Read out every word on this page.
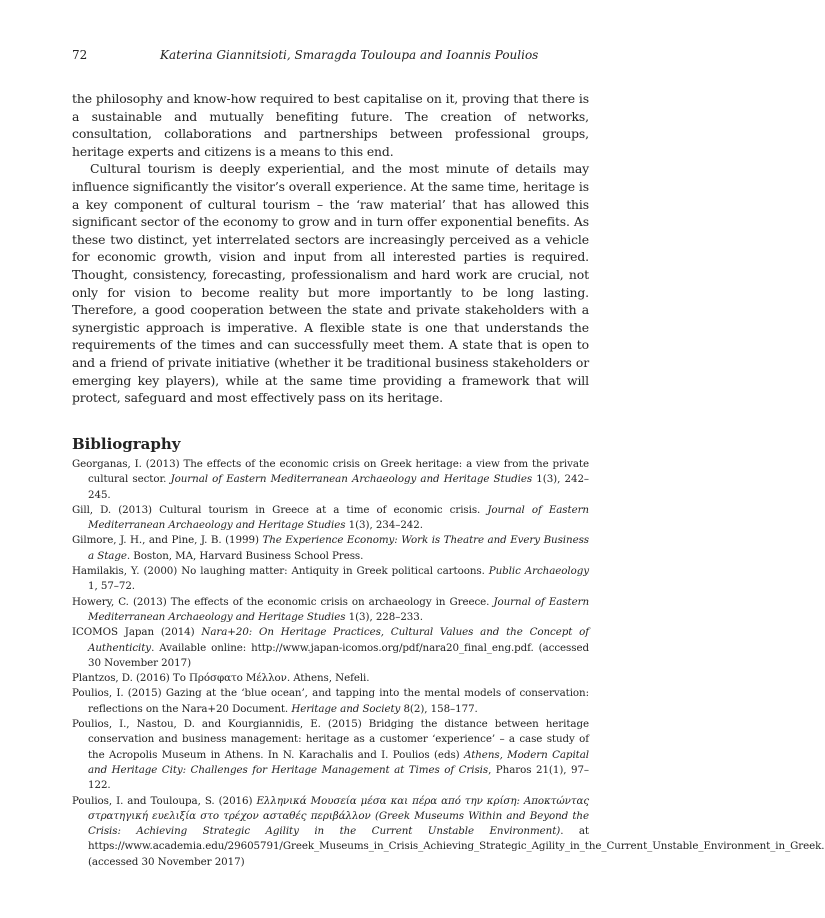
72	Katerina Giannitsioti, Smaragda Touloupa and Ioannis Poulios

the philosophy and know-how required to best capitalise on it, proving that there is a sustainable and mutually benefiting future. The creation of networks, consultation, collaborations and partnerships between professional groups, heritage experts and citizens is a means to this end.

Cultural tourism is deeply experiential, and the most minute of details may influence significantly the visitor’s overall experience. At the same time, heritage is a key component of cultural tourism – the ‘raw material’ that has allowed this significant sector of the economy to grow and in turn offer exponential benefits. As these two distinct, yet interrelated sectors are increasingly perceived as a vehicle for economic growth, vision and input from all interested parties is required. Thought, consistency, forecasting, professionalism and hard work are crucial, not only for vision to become reality but more importantly to be long lasting. Therefore, a good cooperation between the state and private stakeholders with a synergistic approach is imperative. A flexible state is one that understands the requirements of the times and can successfully meet them. A state that is open to and a friend of private initiative (whether it be traditional business stakeholders or emerging key players), while at the same time providing a framework that will protect, safeguard and most effectively pass on its heritage.

Bibliography
Georganas, I. (2013) The effects of the economic crisis on Greek heritage: a view from the private cultural sector. Journal of Eastern Mediterranean Archaeology and Heritage Studies 1(3), 242–245.
Gill, D. (2013) Cultural tourism in Greece at a time of economic crisis. Journal of Eastern Mediterranean Archaeology and Heritage Studies 1(3), 234–242.
Gilmore, J. H., and Pine, J. B. (1999) The Experience Economy: Work is Theatre and Every Business a Stage. Boston, MA, Harvard Business School Press.
Hamilakis, Y. (2000) No laughing matter: Antiquity in Greek political cartoons. Public Archaeology 1, 57–72.
Howery, C. (2013) The effects of the economic crisis on archaeology in Greece. Journal of Eastern Mediterranean Archaeology and Heritage Studies 1(3), 228–233.
ICOMOS Japan (2014) Nara+20: On Heritage Practices, Cultural Values and the Concept of Authenticity. Available online: http://www.japan-icomos.org/pdf/nara20_final_eng.pdf. (accessed 30 November 2017)
Plantzos, D. (2016) Το Πρόσφατο Μέλλον. Athens, Nefeli.
Poulios, I. (2015) Gazing at the ‘blue ocean’, and tapping into the mental models of conservation: reflections on the Nara+20 Document. Heritage and Society 8(2), 158–177.
Poulios, I., Nastou, D. and Kourgiannidis, E. (2015) Bridging the distance between heritage conservation and business management: heritage as a customer ‘experience’ – a case study of the Acropolis Museum in Athens. In N. Karachalis and I. Poulios (eds) Athens, Modern Capital and Heritage City: Challenges for Heritage Management at Times of Crisis, Pharos 21(1), 97–122.
Poulios, I. and Touloupa, S. (2016) Ελληνικά Μουσεία μέσα και πέρα από την κρίση: Αποκτώντας στρατηγική ευελιξία στο τρέχον ασταθές περιβάλλον (Greek Museums Within and Beyond the Crisis: Achieving Strategic Agility in the Current Unstable Environment). at https://www.academia.edu/29605791/Greek_Museums_in_Crisis_Achieving_Strategic_Agility_in_the_Current_Unstable_Environment_in_Greek. (accessed 30 November 2017)
